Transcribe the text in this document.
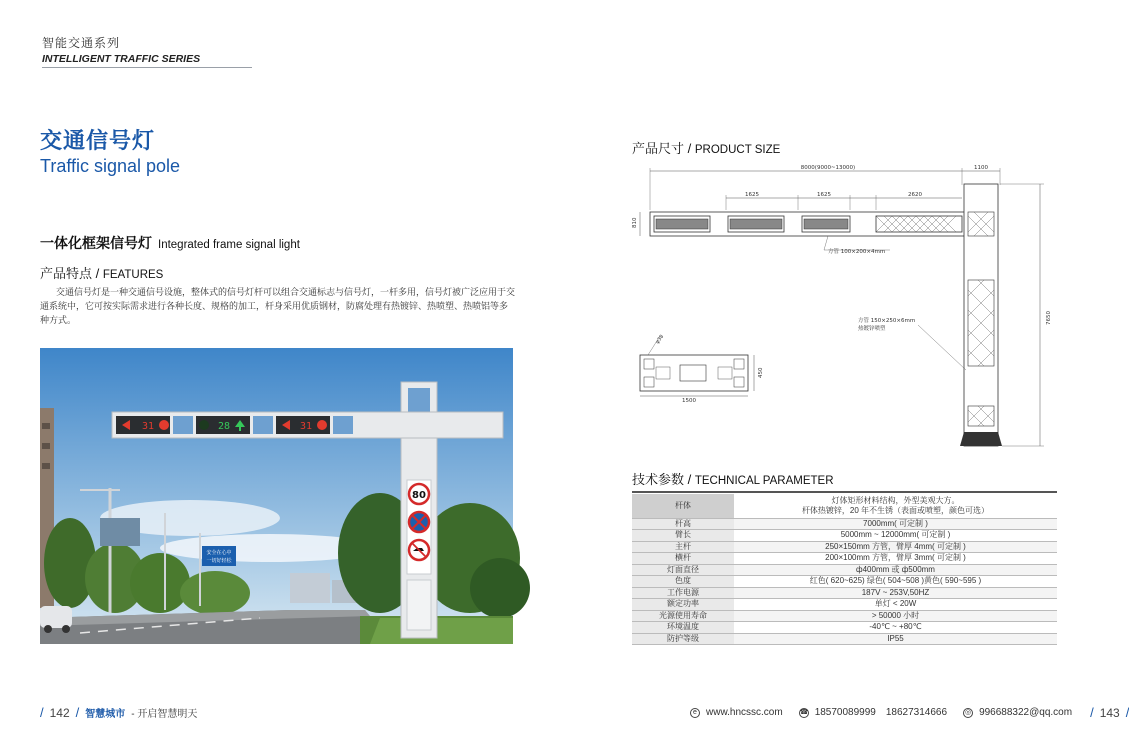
智能交通系列
INTELLIGENT TRAFFIC SERIES
交通信号灯
Traffic signal pole
一体化框架信号灯 Integrated frame signal light
产品特点 / FEATURES
交通信号灯是一种交通信号设施，整体式的信号灯杆可以组合交通标志与信号灯，一杆多用，信号灯被广泛应用于交通系统中，它可按实际需求进行各种长度、规格的加工，杆身采用优质钢材，防腐处理有热镀锌、热喷塑、热喷铝等多种方式。
安全在心中
一切好轻松
31	28	31
80
产品尺寸 / PRODUCT SIZE
8000(9000~13000)	1100
1625	1625	2620
810
7650
方管 100×200×4mm
方管 150×250×6mm
热镀锌喷塑
φ38
1500
450
技术参数 / TECHNICAL PARAMETER
杆体	灯体矩形材料结构，外型美观大方。
杆体热镀锌，20 年不生锈（表面或喷塑，颜色可选）

杆高	7000mm( 可定制 )
臂长	5000mm ~ 12000mm( 可定制 )
主杆	250×150mm 方管，臂厚 4mm( 可定制 )
横杆	200×100mm 方管，臂厚 3mm( 可定制 )
灯面直径	ф400mm 或 ф500mm
色度	红色( 620~625) 绿色( 504~508 )黄色( 590~595 )
工作电源	187V ~ 253V,50HZ
额定功率	单灯 < 20W
光源使用寿命	> 50000 小时
环境温度	-40℃ ~ +80℃
防护等级	IP55
/ 142 / 智慧城市 - 开启智慧明天	e www.hncssc.com ☎ 18570089999 18627314666	◎ 996688322@qq.com / 143 /
